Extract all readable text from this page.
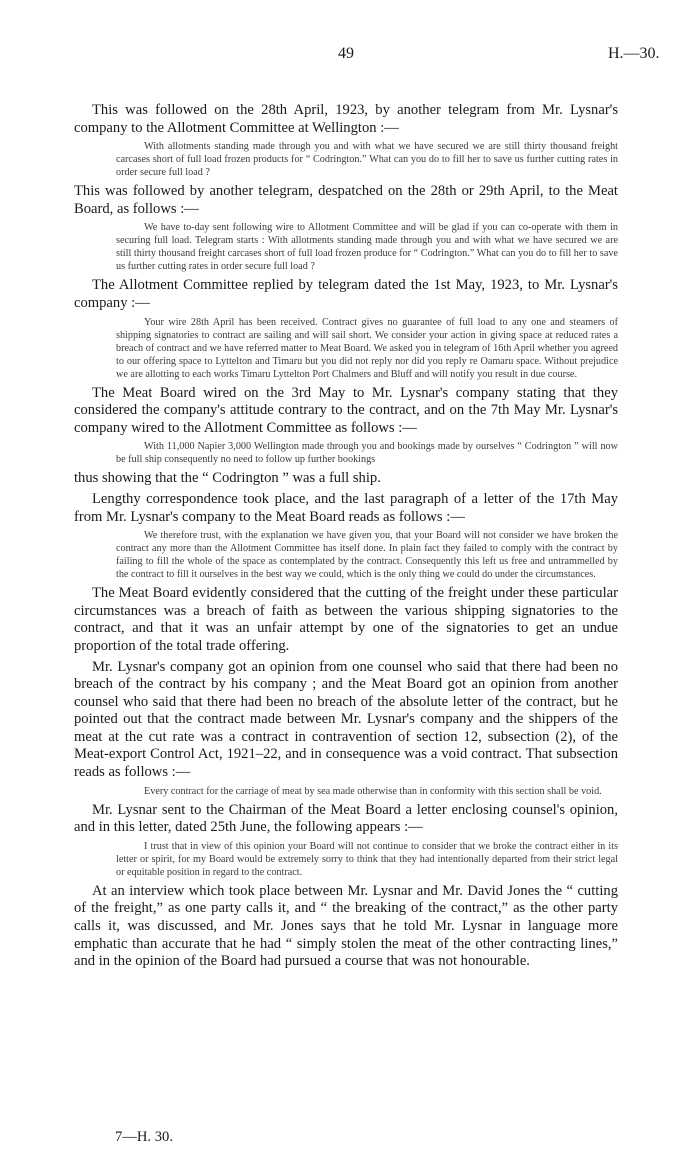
49	H.—30.

This was followed on the 28th April, 1923, by another telegram from Mr. Lysnar's company to the Allotment Committee at Wellington :—

With allotments standing made through you and with what we have secured we are still thirty thousand freight carcases short of full load frozen products for “ Codrington.” What can you do to fill her to save us further cutting rates in order secure full load ?

This was followed by another telegram, despatched on the 28th or 29th April, to the Meat Board, as follows :—

We have to-day sent following wire to Allotment Committee and will be glad if you can co-operate with them in securing full load. Telegram starts : With allotments standing made through you and with what we have secured we are still thirty thousand freight carcases short of full load frozen produce for “ Codrington.” What can you do to fill her to save us further cutting rates in order secure full load ?

The Allotment Committee replied by telegram dated the 1st May, 1923, to Mr. Lysnar's company :—

Your wire 28th April has been received. Contract gives no guarantee of full load to any one and steamers of shipping signatories to contract are sailing and will sail short. We consider your action in giving space at reduced rates a breach of contract and we have referred matter to Meat Board. We asked you in telegram of 16th April whether you agreed to our offering space to Lyttelton and Timaru but you did not reply nor did you reply re Oamaru space. Without prejudice we are allotting to each works Timaru Lyttelton Port Chalmers and Bluff and will notify you result in due course.

The Meat Board wired on the 3rd May to Mr. Lysnar's company stating that they considered the company's attitude contrary to the contract, and on the 7th May Mr. Lysnar's company wired to the Allotment Committee as follows :—

With 11,000 Napier 3,000 Wellington made through you and bookings made by ourselves “ Codrington ” will now be full ship consequently no need to follow up further bookings

thus showing that the “ Codrington ” was a full ship.

Lengthy correspondence took place, and the last paragraph of a letter of the 17th May from Mr. Lysnar's company to the Meat Board reads as follows :—

We therefore trust, with the explanation we have given you, that your Board will not consider we have broken the contract any more than the Allotment Committee has itself done. In plain fact they failed to comply with the contract by failing to fill the whole of the space as contemplated by the contract. Consequently this left us free and untrammelled by the contract to fill it ourselves in the best way we could, which is the only thing we could do under the circumstances.

The Meat Board evidently considered that the cutting of the freight under these particular circumstances was a breach of faith as between the various shipping signatories to the contract, and that it was an unfair attempt by one of the signatories to get an undue proportion of the total trade offering.

Mr. Lysnar's company got an opinion from one counsel who said that there had been no breach of the contract by his company ; and the Meat Board got an opinion from another counsel who said that there had been no breach of the absolute letter of the contract, but he pointed out that the contract made between Mr. Lysnar's company and the shippers of the meat at the cut rate was a contract in contravention of section 12, subsection (2), of the Meat-export Control Act, 1921–22, and in consequence was a void contract. That subsection reads as follows :—

Every contract for the carriage of meat by sea made otherwise than in conformity with this section shall be void.

Mr. Lysnar sent to the Chairman of the Meat Board a letter enclosing counsel's opinion, and in this letter, dated 25th June, the following appears :—

I trust that in view of this opinion your Board will not continue to consider that we broke the contract either in its letter or spirit, for my Board would be extremely sorry to think that they had intentionally departed from their strict legal or equitable position in regard to the contract.

At an interview which took place between Mr. Lysnar and Mr. David Jones the “ cutting of the freight,” as one party calls it, and “ the breaking of the contract,” as the other party calls it, was discussed, and Mr. Jones says that he told Mr. Lysnar in language more emphatic than accurate that he had “ simply stolen the meat of the other contracting lines,” and in the opinion of the Board had pursued a course that was not honourable.

7—H. 30.
